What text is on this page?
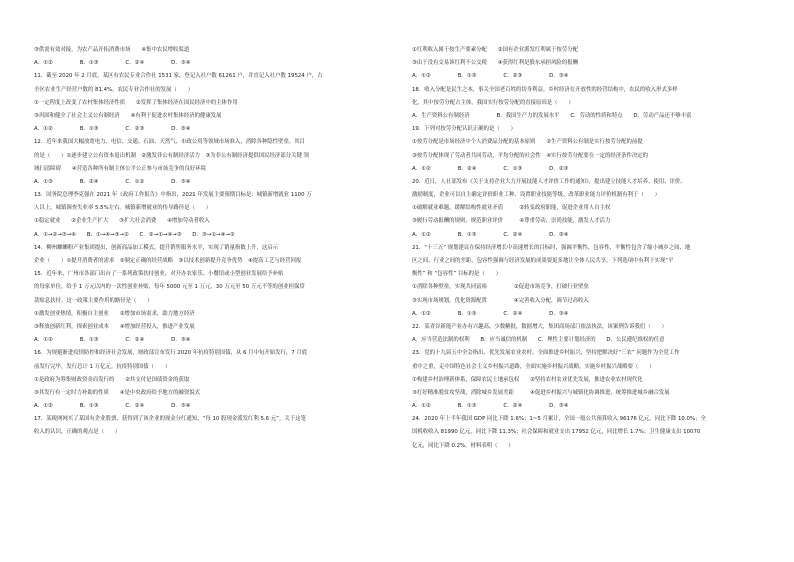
③供需有效对接，为农产品开拓消费市场　　④集中农民增收渠道
A．①②　　　　　B．①③　　　　　C．②④　　　　　D．③④
11．截至 2020 年 2 月底，某区有农民专业合作社 1531 家，登记入社户数 61261 户，并直记入社户数 19524 户，占
全区农业生产经营户数的 81.4%。农民专业合作社的发展（　　）
①一定程度上改变了农村集体经济性质　　②发挥了集体经济在国民经济中的主体作用
③巩固和健全了社会主义公有制经济　　④有利于促进农村集体经济的健康发展
A．①②　　　　　B．①③　　　　　C．②③　　　　　D．③④
12．近年来我国大幅放宽电力、电信、交通、石油、天然气、市政公用等领域市场准入，消除各种隐性壁垒。其目
的是（　　）①逐步建立公有资本退出机制　②激发非公有制经济活力　③为非公有制经济提供国民经济部分关键 领
域扫清障碍　　④营造各种所有制主体公平公正参与市场竞争的良好环境
A．①③　　　　　B．②④　　　　　C．①②　　　　　D．③④
13．国务院总理李克强在 2021 年《政府工作报告》中指出，2021 年发展主要预期目标是：城镇新增就业 1100 万
人以上，城镇调查失业率 5.5%左右。城镇新增就业的传导路径是（　　）
①稳定就业　　②企业生产扩大　　③扩大社会消费　　④增加劳动者收入
A．①→②→③→④　　B．①→④→③→②　　C．②→①→④→③　　D．③→①→④→②
14．柳州螺蛳粉产业集团提出，创新商品加工模式，提升销售服务水平，实现了销量指数上升，这启示
企业（　　）①提升消费者的需求　②制定正确的经营战略　③以技术创新提升竞争优势　④提高工艺与经营回报
15．近年来，广州市各部门出台了一系列政策扶持创业，对开办农家乐、小餐馆或小型创业发展给予补贴
的每家单位，给予 1 万元以内的一次性创业补贴，每年 5000 元至 1 万元，30 万元至 50 万元不等的创业担保贷
款贴息扶持。这一政策主要作用的路径是（　　）
①激发创业热情，积极自主创业　　②增加市场需求，助力地方经济
③释放创新红利，探索创业成本　　④增加经营投入，推进产业发展
A．①②　　　　　B．①③　　　　　C．②④　　　　　D．③④
16．为规避渐进疫情防控和经济社会发展，财政部宣布发行 2020 年抗疫特别国债，从 6 月中旬开始发行，7 月底
前发行完毕，发行总计 1 万亿元。抗疫特别国债（　　）
①是政府为筹集财政资金而发行的　　②其支付是国债资金的获取
③其发行有一定时力补助的性质　　④是中央政府给予地方的融资貌式
A．①②　　　　　B．①③　　　　　C．②④　　　　　D．③④
17．某税网网买了某国有企业股票，获得到了该企业的现金分红通知，“每 10 股现金派发红利 5.6 元”。关于这笔
收入的认识，正确的观点是（　　）
①红利收入属于按生产要素分配　　②国有企业派发红利属于按劳分配
③由于没有交易该红利不公交税　　④获得红利是股东承担风险的报酬
A．①②　　　　　B．①③　　　　　C．②③　　　　　D．③④
18．收入分配是民生之本，事关全国老百姓的切身利益。乡村经济在开放性的经营结构中，农民的收入形式多样
化，其中按劳分配占主体，我国实行按劳分配的直接原因是（　　）
A．生产资料公有制经济　　　　　B．我国生产力的发展水平　　C．劳动的性质和特点　　D．劳动产品还不够丰富
19．下列对按劳分配认识正确的是（　　）
①按劳分配是市场经济中个人消费品分配的基本原则　　②生产资料公有制是实行按劳分配的前提
③按劳分配体现了劳动者共同劳动，平均分配的社会性　④实行按劳分配要在一定的经济条件决定的
A．①②　　　　　B．②④　　　　　C．①③　　　　　D．②③
20．近日，人社部发布《关于支持企业大力开展技能人才评价工作的通知》，提出建立技能人才培养、使用、评价、
激励制度，企业可以自主确定评价职业工种、设置职业技能等级。改革职业能力评价机制有利于（　　）
①破解就业难题，缓解结构性就业矛盾　　　②转变政府职能，促进企业用人自主权
③履行劳动报酬的规则，规范职业评价　　　④尊重劳动、崇尚技能，激发人才活力
A．①②　　　　　B．①③　　　　　C．②④　　　　　D．③④
21．“十三五” 规划建议在保持经济增长中高速增长的目标时，强调平衡性、包容性、平衡性包含了缩小城乡之间、地
区之间、行业之间的差距，包容性强调与经济发展的成果要更多地让全体人民共享。下列选项中有利于实现“平
衡性” 和 “包容性” 目标的是（　　）
①消除各种壁垒，实现共同富裕　　　　　②促进市场竞争，打破行业壁垒
③实现市场规划，优化资源配置　　　　　④完善收入分配，调节过高收入
A．①②　　　　　B．①③　　　　　C．②④　　　　　D．③④
22．某青谷新能产业办有兴趣高、少数糖批，数据增大，集团商场部门依法执法。该案例告诉我们（　　）
A．应当营造法制的权利　　B．应当诚信的机制　　C．理性主要计划经济的　　D．公民遵纪维权的任意
23．党的十九届五中全会指出，优先发展农业农村，全面推进乡村振兴，坚持把解决好“三农” 问题作为全党工作
重中之重，走中国特色社会主义乡村振兴道路，全面实施乡村振兴战略。实施乡村振兴战略要（　　）
①构建乡村治理新体系，保障农民土地承包权　　②坚持农村农业优先发展，推进农业农村现代化
③打好精准脱贫攻坚战，消除城乡发展差距　　　④促进乡村振兴与城镇化协调推进，统筹推进城乡融合发展
A．①②　　　　　B．①③　　　　　C．②④　　　　　D．③④
24．2020 年上半年我国 GDP 同比下降 1.6%；1~5 月累计，全国一般公共预算收入 96176 亿元，同比下降 10.0%；全
国税收收入 81990 亿元，同比下降 11.3%；社会保障和就业支出 17952 亿元，同比增长 1.7%；卫生健康支出 10070
亿元，同比下降 0.2%。材料表明（　　）
